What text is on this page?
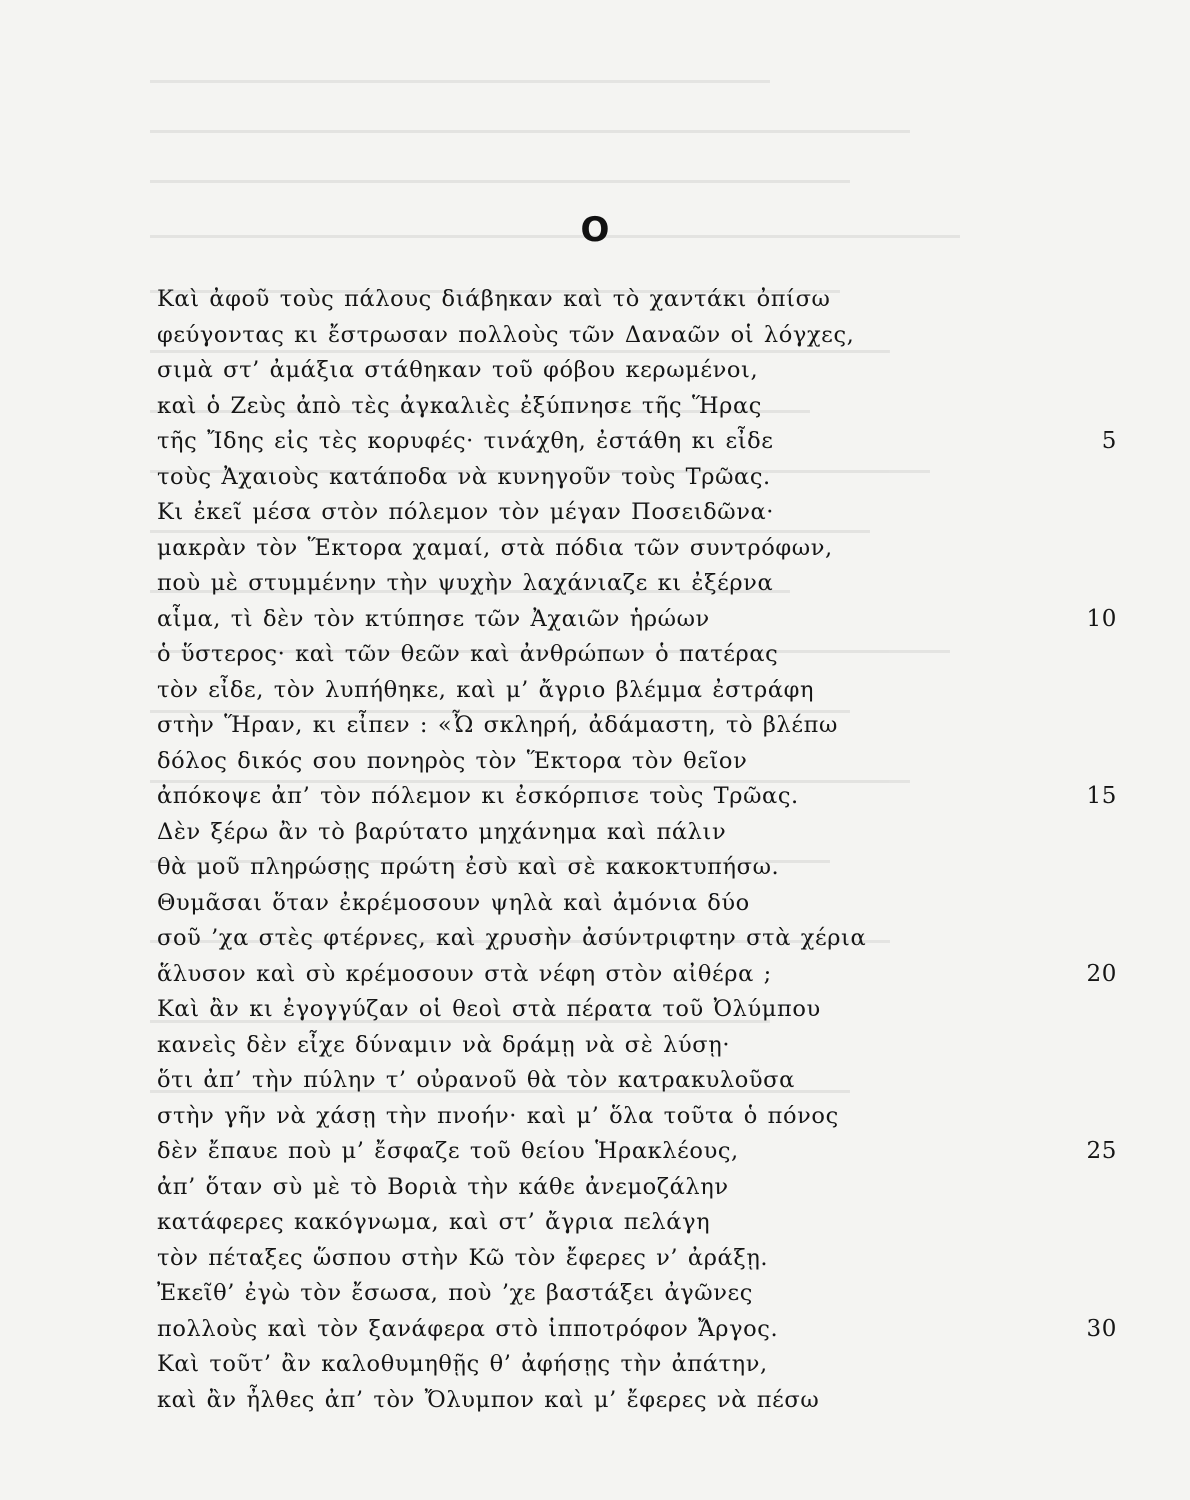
Ο
Καὶ ἀφοῦ τοὺς πάλους διάβηκαν καὶ τὸ χαντάκι ὀπίσω
φεύγοντας κι ἔστρωσαν πολλοὺς τῶν Δαναῶν οἱ λόγχες,
σιμὰ στ’ ἀμάξια στάθηκαν τοῦ φόβου κερωμένοι,
καὶ ὁ Ζεὺς ἀπὸ τὲς ἀγκαλιὲς ἐξύπνησε τῆς Ἥρας
τῆς Ἴδης εἰς τὲς κορυφές· τινάχθη, ἐστάθη κι εἶδε	5
τοὺς Ἀχαιοὺς κατάποδα νὰ κυνηγοῦν τοὺς Τρῶας.
Κι ἐκεῖ μέσα στὸν πόλεμον τὸν μέγαν Ποσειδῶνα·
μακρὰν τὸν Ἕκτορα χαμαί, στὰ πόδια τῶν συντρόφων,
ποὺ μὲ στυμμένην τὴν ψυχὴν λαχάνιαζε κι ἐξέρνα
αἷμα, τὶ δὲν τὸν κτύπησε τῶν Ἀχαιῶν ἡρώων	10
ὁ ὕστερος· καὶ τῶν θεῶν καὶ ἀνθρώπων ὁ πατέρας
τὸν εἶδε, τὸν λυπήθηκε, καὶ μ’ ἄγριο βλέμμα ἐστράφη
στὴν Ἥραν, κι εἶπεν : «Ὦ σκληρή, ἀδάμαστη, τὸ βλέπω
δόλος δικός σου πονηρὸς τὸν Ἕκτορα τὸν θεῖον
ἀπόκοψε ἀπ’ τὸν πόλεμον κι ἐσκόρπισε τοὺς Τρῶας.	15
Δὲν ξέρω ἂν τὸ βαρύτατο μηχάνημα καὶ πάλιν
θὰ μοῦ πληρώσῃς πρώτη ἐσὺ καὶ σὲ κακοκτυπήσω.
Θυμᾶσαι ὅταν ἐκρέμοσουν ψηλὰ καὶ ἀμόνια δύο
σοῦ ’χα στὲς φτέρνες, καὶ χρυσὴν ἀσύντριφτην στὰ χέρια
ἅλυσον καὶ σὺ κρέμοσουν στὰ νέφη στὸν αἰθέρα ;	20
Καὶ ἂν κι ἐγογγύζαν οἱ θεοὶ στὰ πέρατα τοῦ Ὀλύμπου
κανεὶς δὲν εἶχε δύναμιν νὰ δράμῃ νὰ σὲ λύσῃ·
ὅτι ἀπ’ τὴν πύλην τ’ οὐρανοῦ θὰ τὸν κατρακυλοῦσα
στὴν γῆν νὰ χάσῃ τὴν πνοήν· καὶ μ’ ὅλα τοῦτα ὁ πόνος
δὲν ἔπαυε ποὺ μ’ ἔσφαζε τοῦ θείου Ἡρακλέους,	25
ἀπ’ ὅταν σὺ μὲ τὸ Βοριὰ τὴν κάθε ἀνεμοζάλην
κατάφερες κακόγνωμα, καὶ στ’ ἄγρια πελάγη
τὸν πέταξες ὥσπου στὴν Κῶ τὸν ἔφερες ν’ ἀράξῃ.
Ἐκεῖθ’ ἐγὼ τὸν ἔσωσα, ποὺ ’χε βαστάξει ἀγῶνες
πολλοὺς καὶ τὸν ξανάφερα στὸ ἱπποτρόφον Ἄργος.	30
Καὶ τοῦτ’ ἂν καλοθυμηθῇς θ’ ἀφήσῃς τὴν ἀπάτην,
καὶ ἂν ἦλθες ἀπ’ τὸν Ὄλυμπον καὶ μ’ ἔφερες νὰ πέσω
